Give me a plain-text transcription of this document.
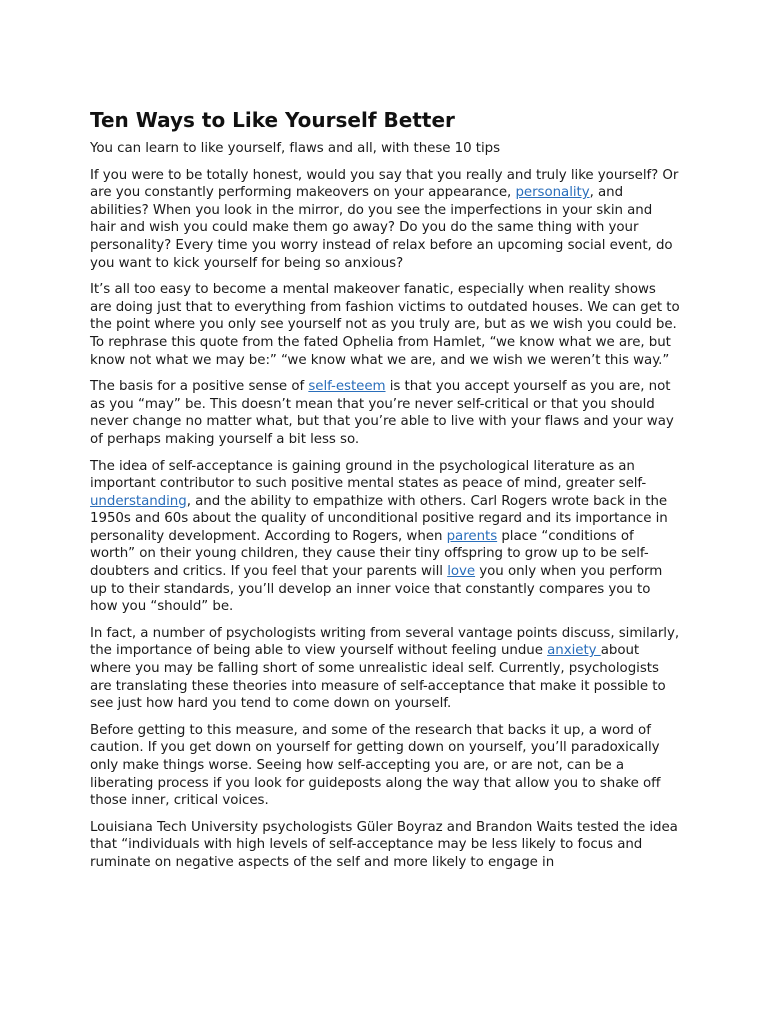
Ten Ways to Like Yourself Better

You can learn to like yourself, flaws and all, with these 10 tips

If you were to be totally honest, would you say that you really and truly like yourself? Or are you constantly performing makeovers on your appearance, personality, and abilities? When you look in the mirror, do you see the imperfections in your skin and hair and wish you could make them go away? Do you do the same thing with your personality? Every time you worry instead of relax before an upcoming social event, do you want to kick yourself for being so anxious?

It’s all too easy to become a mental makeover fanatic, especially when reality shows are doing just that to everything from fashion victims to outdated houses. We can get to the point where you only see yourself not as you truly are, but as we wish you could be. To rephrase this quote from the fated Ophelia from Hamlet, “we know what we are, but know not what we may be:” “we know what we are, and we wish we weren’t this way.”

The basis for a positive sense of self-esteem is that you accept yourself as you are, not as you “may” be. This doesn’t mean that you’re never self-critical or that you should never change no matter what, but that you’re able to live with your flaws and your way of perhaps making yourself a bit less so.

The idea of self-acceptance is gaining ground in the psychological literature as an important contributor to such positive mental states as peace of mind, greater self-understanding, and the ability to empathize with others. Carl Rogers wrote back in the 1950s and 60s about the quality of unconditional positive regard and its importance in personality development. According to Rogers, when parents place “conditions of worth” on their young children, they cause their tiny offspring to grow up to be self-doubters and critics. If you feel that your parents will love you only when you perform up to their standards, you’ll develop an inner voice that constantly compares you to how you “should” be.

In fact, a number of psychologists writing from several vantage points discuss, similarly, the importance of being able to view yourself without feeling undue anxiety about where you may be falling short of some unrealistic ideal self. Currently, psychologists are translating these theories into measure of self-acceptance that make it possible to see just how hard you tend to come down on yourself.

Before getting to this measure, and some of the research that backs it up, a word of caution. If you get down on yourself for getting down on yourself, you’ll paradoxically only make things worse. Seeing how self-accepting you are, or are not, can be a liberating process if you look for guideposts along the way that allow you to shake off those inner, critical voices.

Louisiana Tech University psychologists Güler Boyraz and Brandon Waits tested the idea that “individuals with high levels of self-acceptance may be less likely to focus and ruminate on negative aspects of the self and more likely to engage in
